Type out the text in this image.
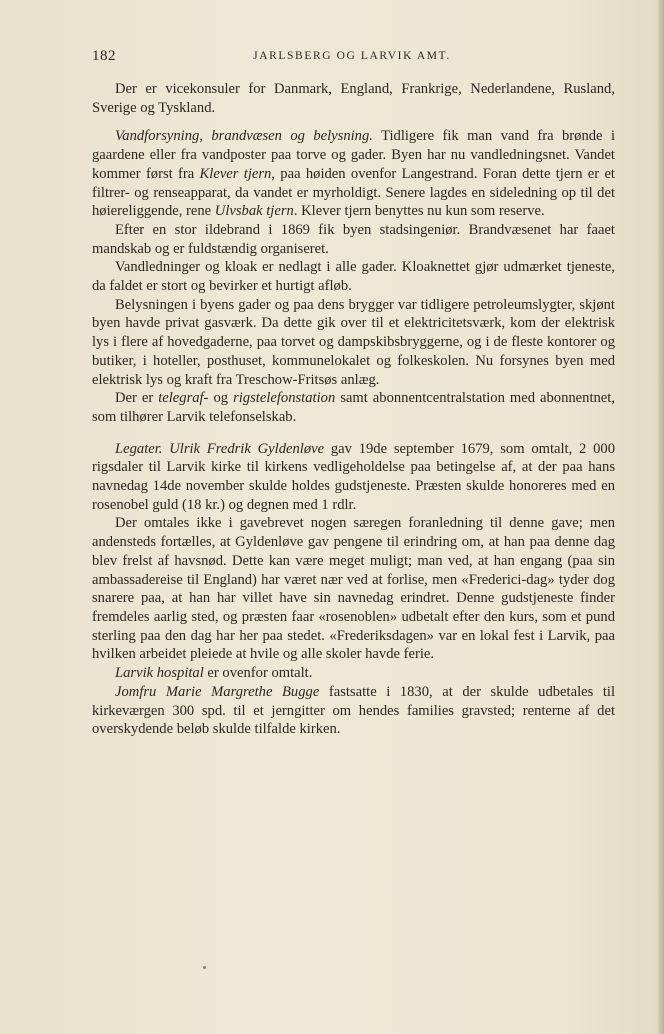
182	JARLSBERG OG LARVIK AMT.

Der er vicekonsuler for Danmark, England, Frankrige, Nederlandene, Rusland, Sverige og Tyskland.

Vandforsyning, brandvæsen og belysning. Tidligere fik man vand fra brønde i gaardene eller fra vandposter paa torve og gader. Byen har nu vandledningsnet. Vandet kommer først fra Klever tjern, paa høiden ovenfor Langestrand. Foran dette tjern er et filtrer- og renseapparat, da vandet er myrholdigt. Senere lagdes en sideledning op til det høiereliggende, rene Ulvsbak tjern. Klever tjern benyttes nu kun som reserve.

Efter en stor ildebrand i 1869 fik byen stadsingeniør. Brandvæsenet har faaet mandskab og er fuldstændig organiseret.

Vandledninger og kloak er nedlagt i alle gader. Kloaknettet gjør udmærket tjeneste, da faldet er stort og bevirker et hurtigt afløb.

Belysningen i byens gader og paa dens brygger var tidligere petroleumslygter, skjønt byen havde privat gasværk. Da dette gik over til et elektricitetsværk, kom der elektrisk lys i flere af hovedgaderne, paa torvet og dampskibsbryggerne, og i de fleste kontorer og butiker, i hoteller, posthuset, kommunelokalet og folkeskolen. Nu forsynes byen med elektrisk lys og kraft fra Treschow-Fritsøs anlæg.

Der er telegraf- og rigstelefonstation samt abonnentcentralstation med abonnentnet, som tilhører Larvik telefonselskab.

Legater. Ulrik Fredrik Gyldenløve gav 19de september 1679, som omtalt, 2 000 rigsdaler til Larvik kirke til kirkens vedligeholdelse paa betingelse af, at der paa hans navnedag 14de november skulde holdes gudstjeneste. Præsten skulde honoreres med en rosenobel guld (18 kr.) og degnen med 1 rdlr.

Der omtales ikke i gavebrevet nogen særegen foranledning til denne gave; men andensteds fortælles, at Gyldenløve gav pengene til erindring om, at han paa denne dag blev frelst af havsnød. Dette kan være meget muligt; man ved, at han engang (paa sin ambassadereise til England) har været nær ved at forlise, men «Frederici-dag» tyder dog snarere paa, at han har villet have sin navnedag erindret. Denne gudstjeneste finder fremdeles aarlig sted, og præsten faar «rosenoblen» udbetalt efter den kurs, som et pund sterling paa den dag har her paa stedet. «Frederiksdagen» var en lokal fest i Larvik, paa hvilken arbeidet pleiede at hvile og alle skoler havde ferie.

Larvik hospital er ovenfor omtalt.

Jomfru Marie Margrethe Bugge fastsatte i 1830, at der skulde udbetales til kirkeværgen 300 spd. til et jerngitter om hendes families gravsted; renterne af det overskydende beløb skulde tilfalde kirken.
